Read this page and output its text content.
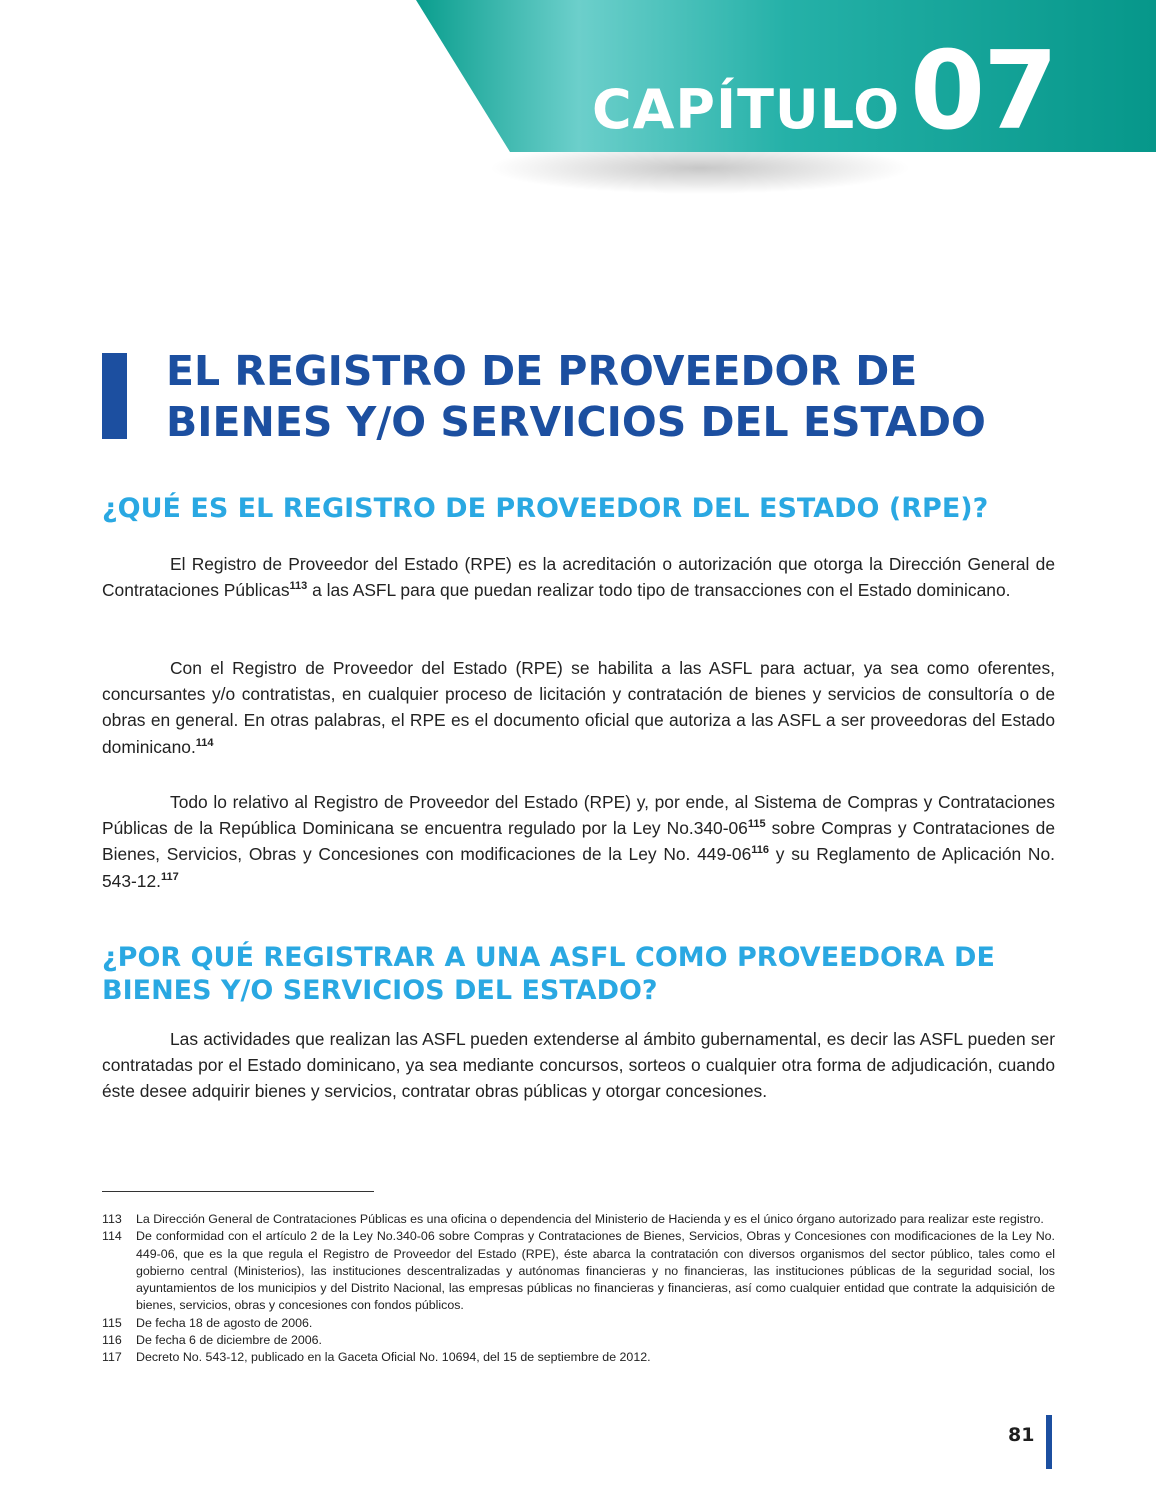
CAPÍTULO 07
EL REGISTRO DE PROVEEDOR DE
BIENES Y/O SERVICIOS DEL ESTADO
¿QUÉ ES EL REGISTRO DE PROVEEDOR DEL ESTADO (RPE)?

El Registro de Proveedor del Estado (RPE) es la acreditación o autorización que otorga la Dirección General de Contrataciones Públicas$^{113}$ a las ASFL para que puedan realizar todo tipo de transacciones con el Estado dominicano.

Con el Registro de Proveedor del Estado (RPE) se habilita a las ASFL para actuar, ya sea como oferentes, concursantes y/o contratistas, en cualquier proceso de licitación y contratación de bienes y servicios de consultoría o de obras en general. En otras palabras, el RPE es el documento oficial que autoriza a las ASFL a ser proveedoras del Estado dominicano.$^{114}$

Todo lo relativo al Registro de Proveedor del Estado (RPE) y, por ende, al Sistema de Compras y Contrataciones Públicas de la República Dominicana se encuentra regulado por la Ley $No.340-06^{115}$ sobre Compras y Contrataciones de Bienes, Servicios, Obras y Concesiones con modificaciones de la Ley No. $449-06^{116}$ y su Reglamento de Aplicación No. 543-12.$^{117}$

¿POR QUÉ REGISTRAR A UNA ASFL COMO PROVEEDORA DE
BIENES Y/O SERVICIOS DEL ESTADO?

Las actividades que realizan las ASFL pueden extenderse al ámbito gubernamental, es decir las ASFL pueden ser contratadas por el Estado dominicano, ya sea mediante concursos, sorteos o cualquier otra forma de adjudicación, cuando éste desee adquirir bienes y servicios, contratar obras públicas y otorgar concesiones.

113	La Dirección General de Contrataciones Públicas es una oficina o dependencia del Ministerio de Hacienda y es el único órgano autorizado para realizar este registro.
114	De conformidad con el artículo 2 de la Ley No.340-06 sobre Compras y Contrataciones de Bienes, Servicios, Obras y Concesiones con modificaciones de la Ley No. 449-06, que es la que regula el Registro de Proveedor del Estado (RPE), éste abarca la contratación con diversos organismos del sector público, tales como el gobierno central (Ministerios), las instituciones descentralizadas y autónomas financieras y no financieras, las instituciones públicas de la seguridad social, los ayuntamientos de los municipios y del Distrito Nacional, las empresas públicas no financieras y financieras, así como cualquier entidad que contrate la adquisición de bienes, servicios, obras y concesiones con fondos públicos.
115	De fecha 18 de agosto de 2006.
116	De fecha 6 de diciembre de 2006.
117	Decreto No. 543-12, publicado en la Gaceta Oficial No. 10694, del 15 de septiembre de 2012.
81
